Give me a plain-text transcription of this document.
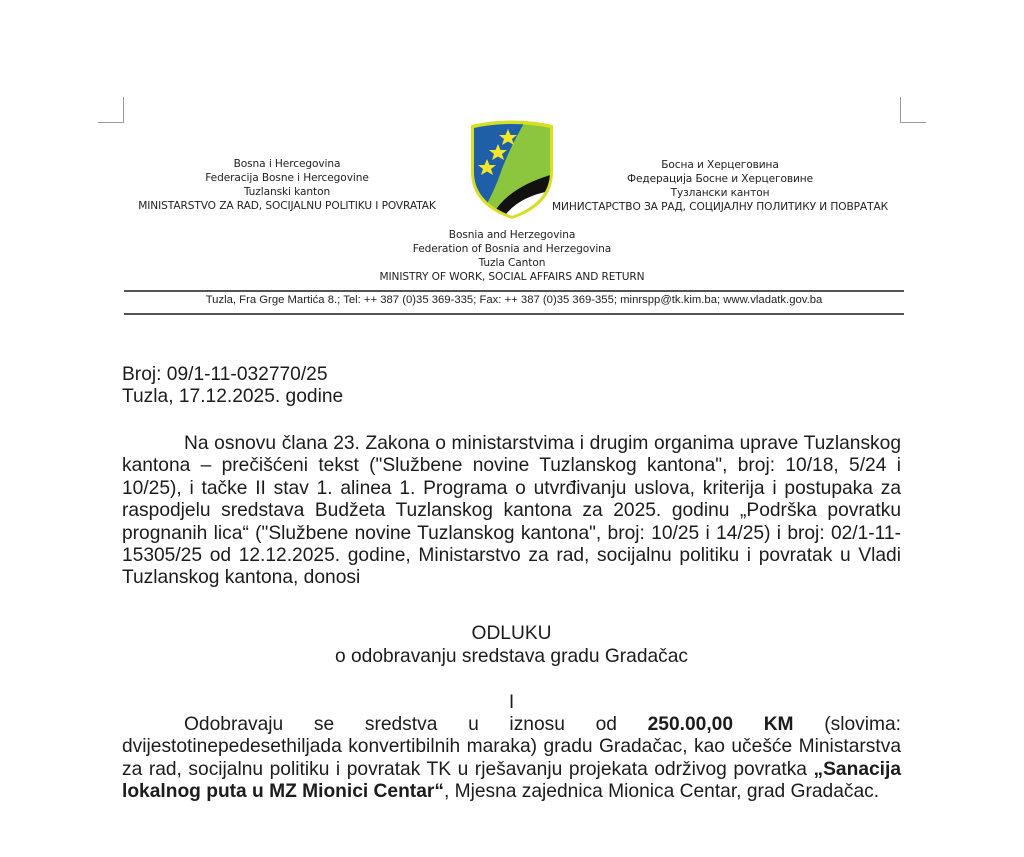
Bosna i Hercegovina
Federacija Bosne i Hercegovine
Tuzlanski kanton
MINISTARSTVO ZA RAD, SOCIJALNU POLITIKU I POVRATAK
Босна и Херцеговина
Федерација Босне и Херцеговине
Тузлански кантон
МИНИСТАРСТВО ЗА РАД, СОЦИЈАЛНУ ПОЛИТИКУ И ПОВРАТАК
Bosnia and Herzegovina
Federation of Bosnia and Herzegovina
Tuzla Canton
MINISTRY OF WORK, SOCIAL AFFAIRS AND RETURN
Tuzla, Fra Grge Martića 8.; Tel: ++ 387 (0)35 369-335; Fax: ++ 387 (0)35 369-355; minrspp@tk.kim.ba; www.vladatk.gov.ba
Broj: 09/1-11-032770/25
Tuzla, 17.12.2025. godine
Na osnovu člana 23. Zakona o ministarstvima i drugim organima uprave Tuzlanskog kantona – prečišćeni tekst ("Službene novine Tuzlanskog kantona", broj: 10/18, 5/24 i 10/25), i tačke II stav 1. alinea 1. Programa o utvrđivanju uslova, kriterija i postupaka za raspodjelu sredstava Budžeta Tuzlanskog kantona za 2025. godinu „Podrška povratku prognanih lica“ ("Službene novine Tuzlanskog kantona", broj: 10/25 i 14/25) i broj: 02/1-11-15305/25 od 12.12.2025. godine, Ministarstvo za rad, socijalnu politiku i povratak u Vladi Tuzlanskog kantona, donosi
ODLUKU
o odobravanju sredstava gradu Gradačac
I
Odobravaju se sredstva u iznosu od 250.00,00 KM (slovima: dvijestotinepedesethiljada konvertibilnih maraka) gradu Gradačac, kao učešće Ministarstva za rad, socijalnu politiku i povratak TK u rješavanju projekata održivog povratka „Sanacija lokalnog puta u MZ Mionici Centar“, Mjesna zajednica Mionica Centar, grad Gradačac.
